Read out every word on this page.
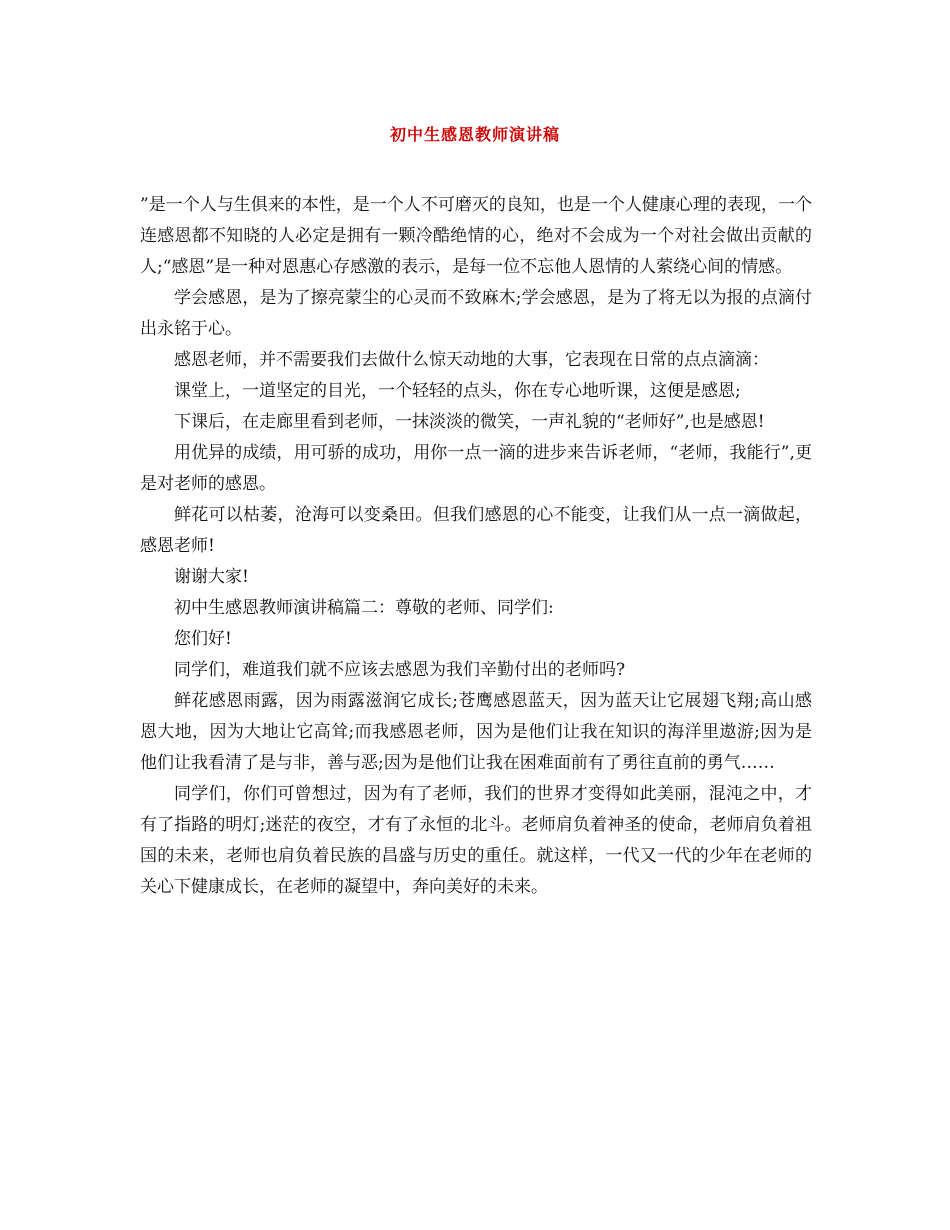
初中生感恩教师演讲稿

”是一个人与生俱来的本性，是一个人不可磨灭的良知，也是一个人健康心理的表现，一个连感恩都不知晓的人必定是拥有一颗冷酷绝情的心，绝对不会成为一个对社会做出贡献的人;“感恩”是一种对恩惠心存感激的表示，是每一位不忘他人恩情的人萦绕心间的情感。

学会感恩，是为了擦亮蒙尘的心灵而不致麻木;学会感恩，是为了将无以为报的点滴付出永铭于心。

感恩老师，并不需要我们去做什么惊天动地的大事，它表现在日常的点点滴滴：

课堂上，一道坚定的目光，一个轻轻的点头，你在专心地听课，这便是感恩;

下课后，在走廊里看到老师，一抹淡淡的微笑，一声礼貌的“老师好”,也是感恩!

用优异的成绩，用可骄的成功，用你一点一滴的进步来告诉老师，“老师，我能行”,更是对老师的感恩。

鲜花可以枯萎，沧海可以变桑田。但我们感恩的心不能变，让我们从一点一滴做起，感恩老师!

谢谢大家!

初中生感恩教师演讲稿篇二：尊敬的老师、同学们:

您们好!

同学们，难道我们就不应该去感恩为我们辛勤付出的老师吗?

鲜花感恩雨露，因为雨露滋润它成长;苍鹰感恩蓝天，因为蓝天让它展翅飞翔;高山感恩大地，因为大地让它高耸;而我感恩老师，因为是他们让我在知识的海洋里遨游;因为是他们让我看清了是与非，善与恶;因为是他们让我在困难面前有了勇往直前的勇气……

同学们，你们可曾想过，因为有了老师，我们的世界才变得如此美丽，混沌之中，才有了指路的明灯;迷茫的夜空，才有了永恒的北斗。老师肩负着神圣的使命，老师肩负着祖国的未来，老师也肩负着民族的昌盛与历史的重任。就这样，一代又一代的少年在老师的关心下健康成长，在老师的凝望中，奔向美好的未来。
